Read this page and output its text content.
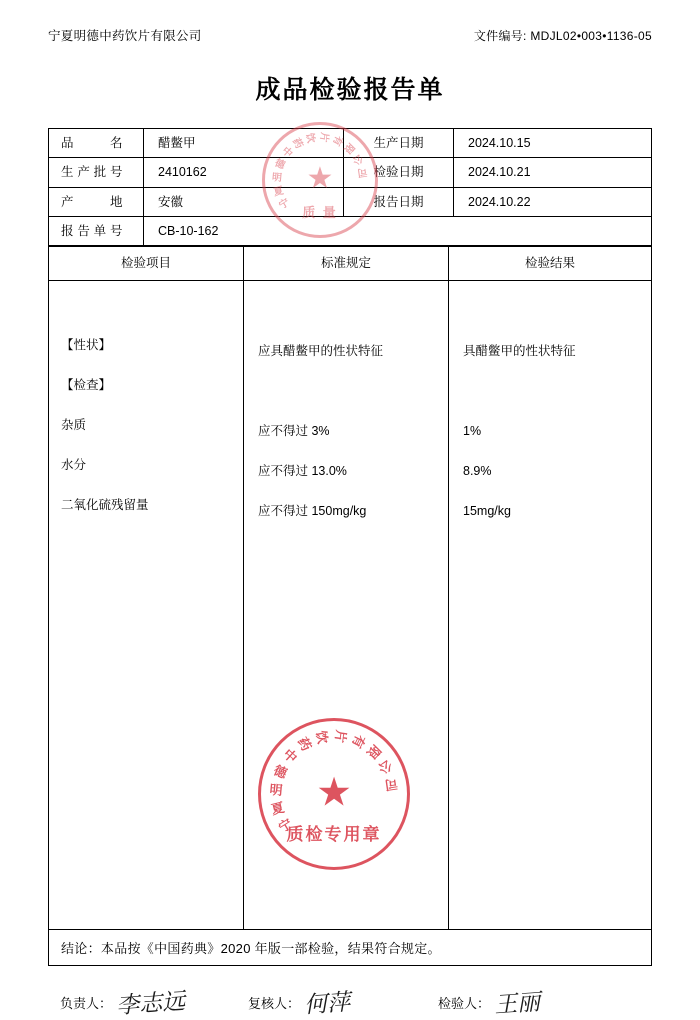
宁夏明德中药饮片有限公司	文件编号: MDJL02•003•1136-05
成品检验报告单
品 名	醋鳖甲	生产日期	2024.10.15

生产批号	2410162	检验日期	2024.10.21

产 地	安徽	报告日期	2024.10.22

报告单号	CB-10-162		
检验项目	标准规定	检验结果

【性状】	应具醋鳖甲的性状特征	具醋鳖甲的性状特征

【检查】		

杂质	应不得过 3%	1%

水分	应不得过 13.0%	8.9%

二氧化硫残留量	应不得过 150mg/kg	15mg/kg

结论：本品按《中国药典》2020 年版一部检验，结果符合规定。		
负责人： 李志远	复核人： 何萍	检验人： 王丽
宁
夏
明
德
中
药 饮 片 有
限
公
司
★
质 量
宁
夏
明
德
中
药 饮 片 有
限
公
司
★
质检专用章
